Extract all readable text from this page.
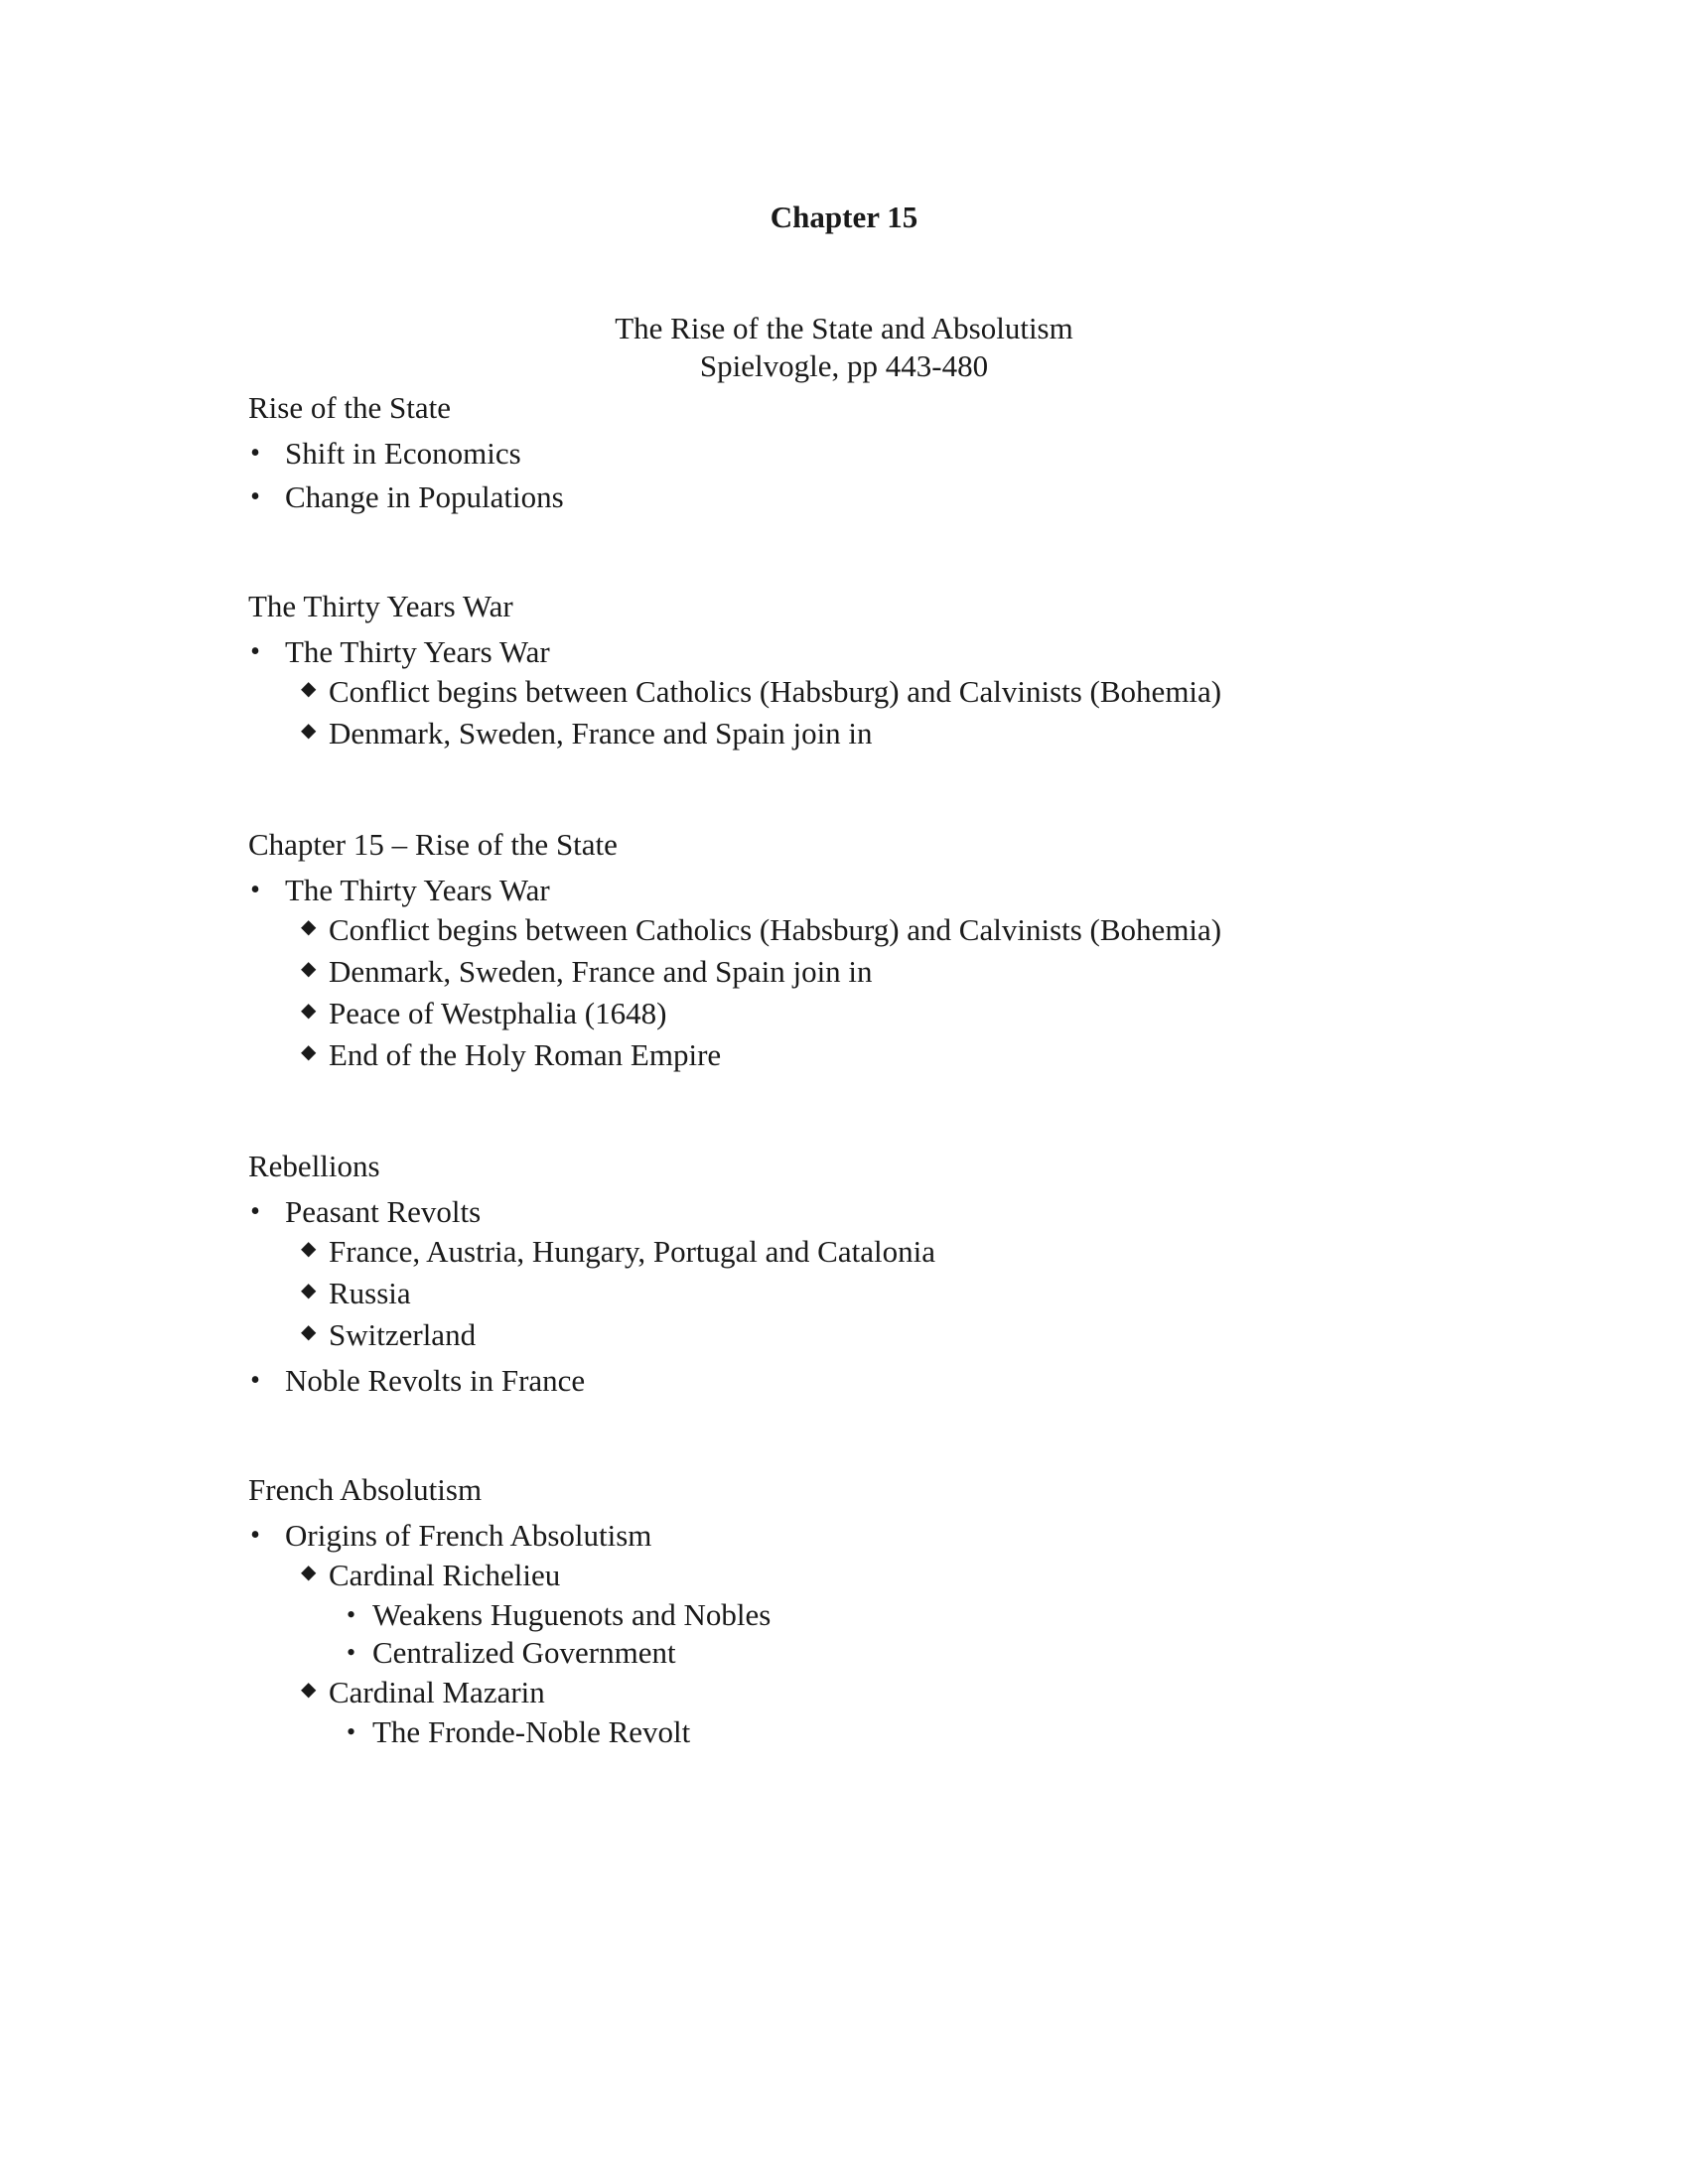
Chapter 15
The Rise of the State and Absolutism
Spielvogle, pp 443-480

Rise of the State

• Shift in Economics
• Change in Populations

The Thirty Years War

• The Thirty Years War
◆ Conflict begins between Catholics (Habsburg) and Calvinists (Bohemia)
◆ Denmark, Sweden, France and Spain join in

Chapter 15 – Rise of the State

• The Thirty Years War
◆ Conflict begins between Catholics (Habsburg) and Calvinists (Bohemia)
◆ Denmark, Sweden, France and Spain join in
◆ Peace of Westphalia (1648)
◆ End of the Holy Roman Empire

Rebellions

• Peasant Revolts
◆ France, Austria, Hungary, Portugal and Catalonia
◆ Russia
◆ Switzerland
• Noble Revolts in France

French Absolutism

• Origins of French Absolutism
◆ Cardinal Richelieu
• Weakens Huguenots and Nobles
• Centralized Government
◆ Cardinal Mazarin
• The Fronde-Noble Revolt
